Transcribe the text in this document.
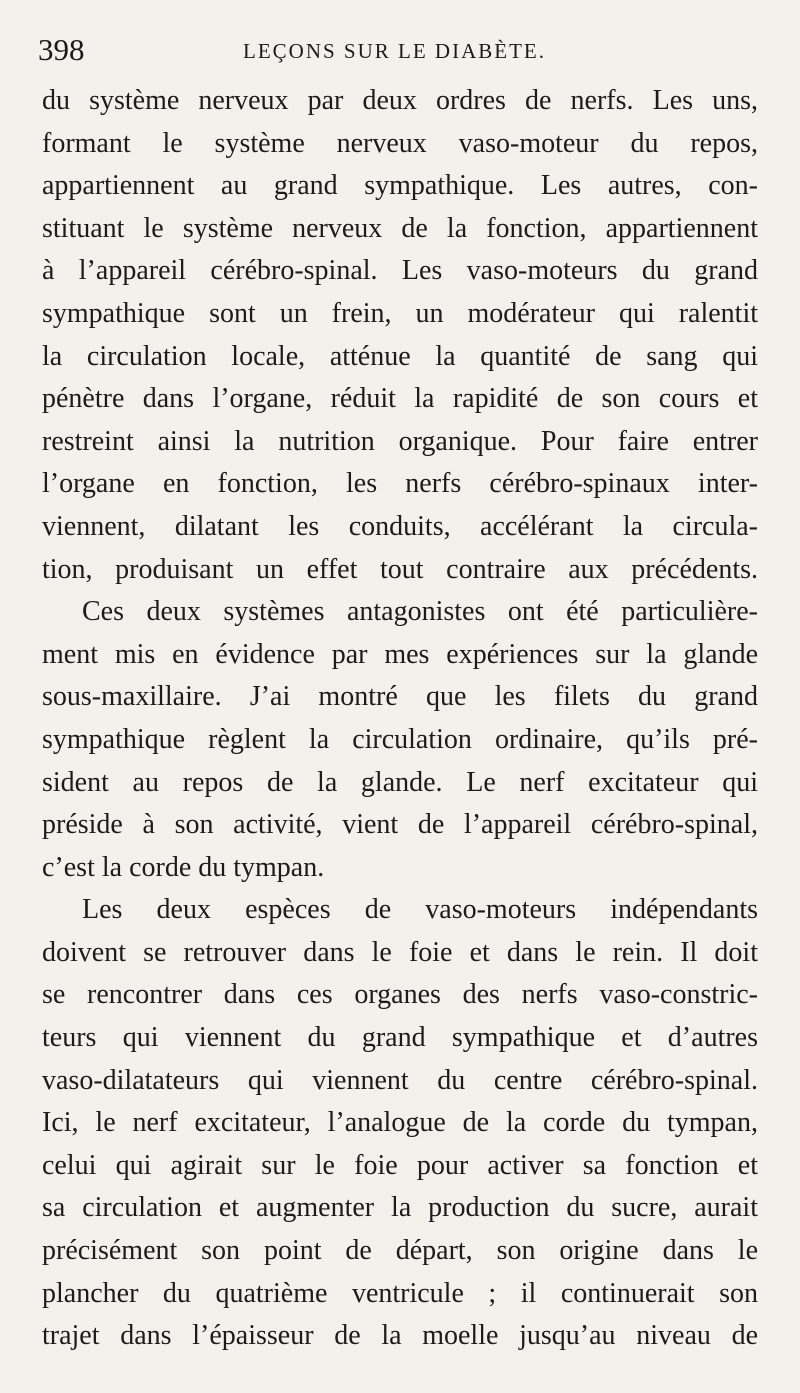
398	LEÇONS SUR LE DIABÈTE.
du système nerveux par deux ordres de nerfs. Les uns,
formant le système nerveux vaso-moteur du repos,
appartiennent au grand sympathique. Les autres, con-
stituant le système nerveux de la fonction, appartiennent
à l’appareil cérébro-spinal. Les vaso-moteurs du grand
sympathique sont un frein, un modérateur qui ralentit
la circulation locale, atténue la quantité de sang qui
pénètre dans l’organe, réduit la rapidité de son cours et
restreint ainsi la nutrition organique. Pour faire entrer
l’organe en fonction, les nerfs cérébro-spinaux inter-
viennent, dilatant les conduits, accélérant la circula-
tion, produisant un effet tout contraire aux précédents.
Ces deux systèmes antagonistes ont été particulière-
ment mis en évidence par mes expériences sur la glande
sous-maxillaire. J’ai montré que les filets du grand
sympathique règlent la circulation ordinaire, qu’ils pré-
sident au repos de la glande. Le nerf excitateur qui
préside à son activité, vient de l’appareil cérébro-spinal,
c’est la corde du tympan.
Les deux espèces de vaso-moteurs indépendants
doivent se retrouver dans le foie et dans le rein. Il doit
se rencontrer dans ces organes des nerfs vaso-constric-
teurs qui viennent du grand sympathique et d’autres
vaso-dilatateurs qui viennent du centre cérébro-spinal.
Ici, le nerf excitateur, l’analogue de la corde du tympan,
celui qui agirait sur le foie pour activer sa fonction et
sa circulation et augmenter la production du sucre, aurait
précisément son point de départ, son origine dans le
plancher du quatrième ventricule ; il continuerait son
trajet dans l’épaisseur de la moelle jusqu’au niveau de
